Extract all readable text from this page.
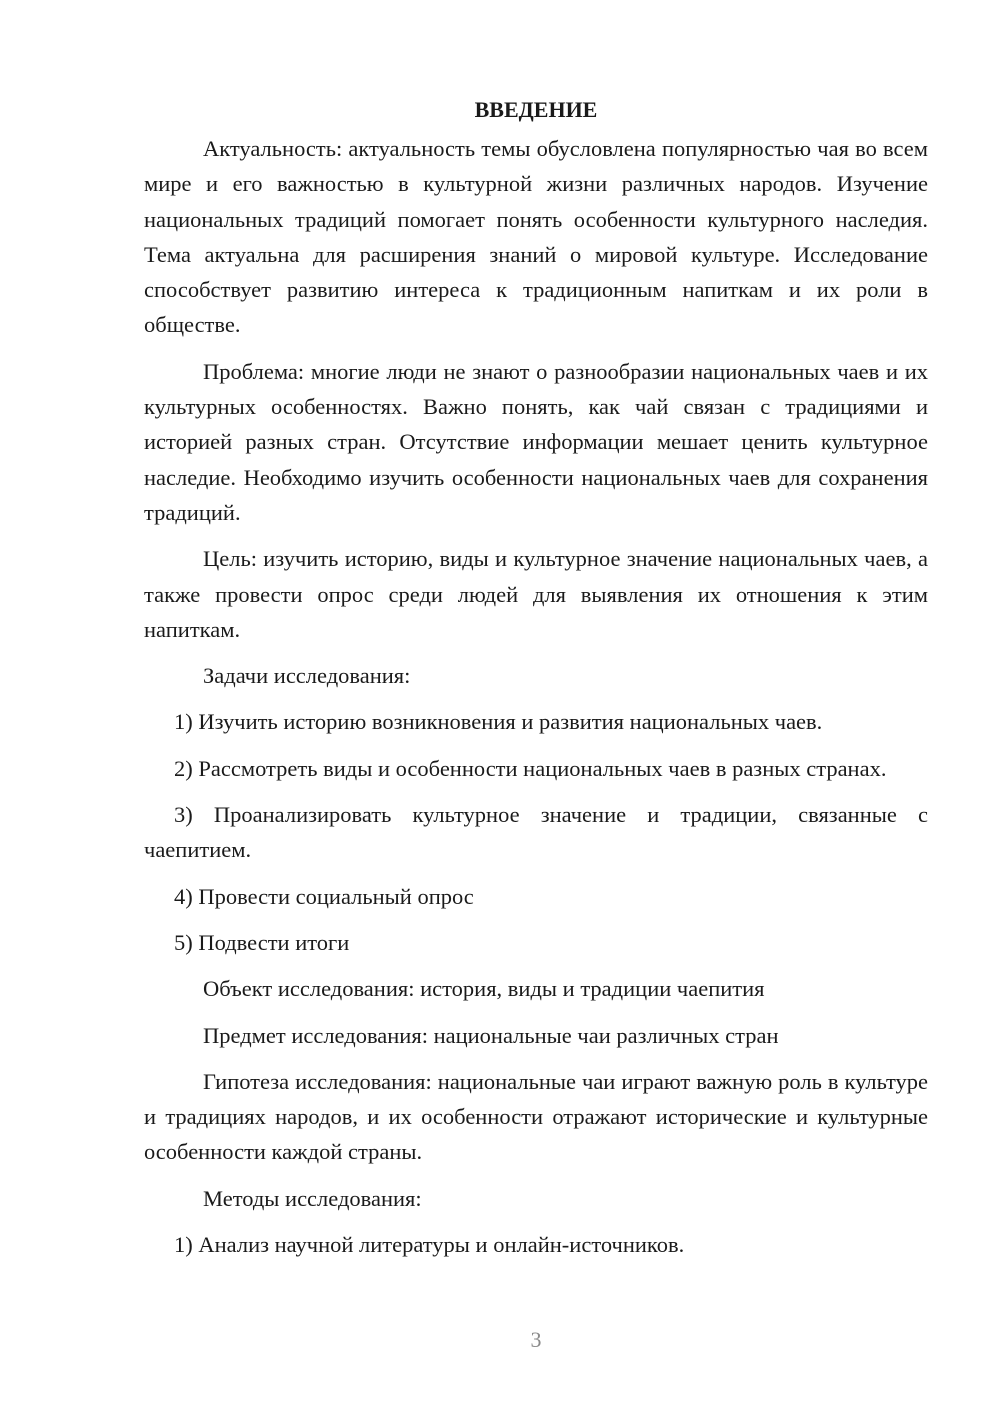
ВВЕДЕНИЕ

Актуальность: актуальность темы обусловлена популярностью чая во всем мире и его важностью в культурной жизни различных народов. Изучение национальных традиций помогает понять особенности культурного наследия. Тема актуальна для расширения знаний о мировой культуре. Исследование способствует развитию интереса к традиционным напиткам и их роли в обществе.

Проблема: многие люди не знают о разнообразии национальных чаев и их культурных особенностях. Важно понять, как чай связан с традициями и историей разных стран. Отсутствие информации мешает ценить культурное наследие. Необходимо изучить особенности национальных чаев для сохранения традиций.

Цель: изучить историю, виды и культурное значение национальных чаев, а также провести опрос среди людей для выявления их отношения к этим напиткам.

Задачи исследования:

1) Изучить историю возникновения и развития национальных чаев.

2) Рассмотреть виды и особенности национальных чаев в разных странах.

3) Проанализировать культурное значение и традиции, связанные с чаепитием.

4) Провести социальный опрос

5) Подвести итоги

Объект исследования: история, виды и традиции чаепития

Предмет исследования: национальные чаи различных стран

Гипотеза исследования: национальные чаи играют важную роль в культуре и традициях народов, и их особенности отражают исторические и культурные особенности каждой страны.

Методы исследования:

1) Анализ научной литературы и онлайн-источников.

3
